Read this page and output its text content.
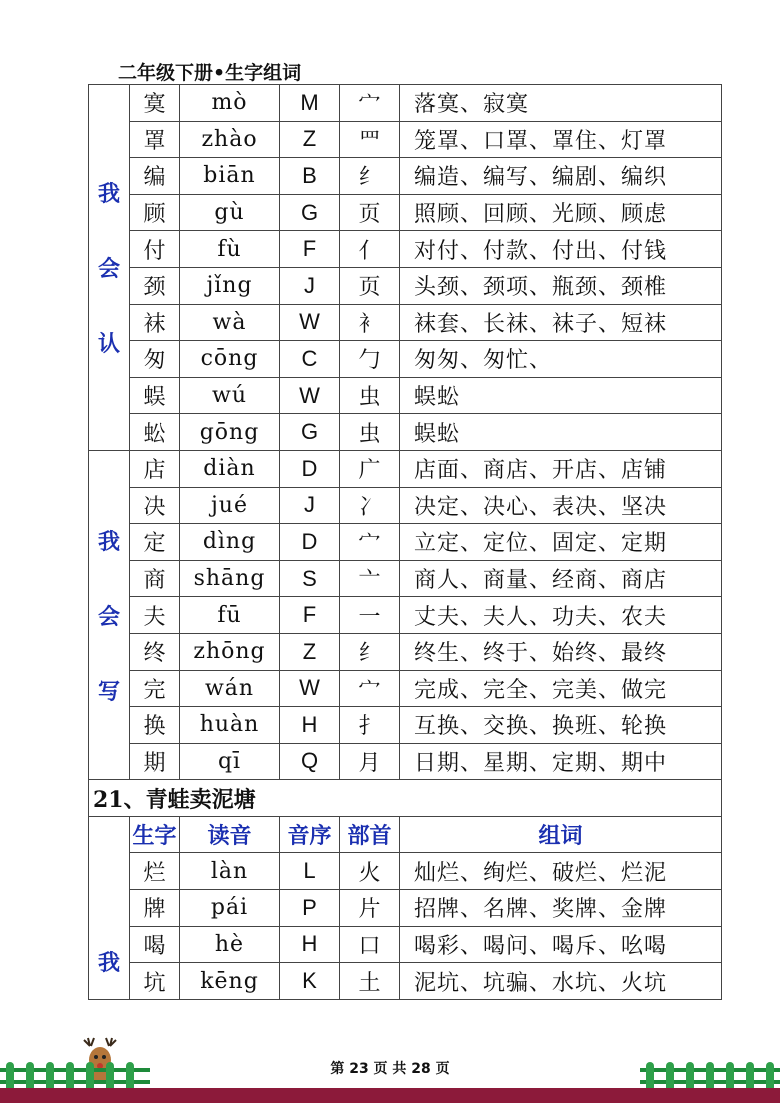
二年级下册•生字组词
我
会
认	寞	mò	M	宀	落寞、寂寞
	罩	zhào	Z	罒	笼罩、口罩、罩住、灯罩
	编	biān	B	纟	编造、编写、编剧、编织
	顾	gù	G	页	照顾、回顾、光顾、顾虑
	付	fù	F	亻	对付、付款、付出、付钱
	颈	jǐng	J	页	头颈、颈项、瓶颈、颈椎
	袜	wà	W	衤	袜套、长袜、袜子、短袜
	匆	cōng	C	勹	匆匆、匆忙、
	蜈	wú	W	虫	蜈蚣
	蚣	gōng	G	虫	蜈蚣

我
会
写	店	diàn	D	广	店面、商店、开店、店铺
	决	jué	J	冫	决定、决心、表决、坚决
	定	dìng	D	宀	立定、定位、固定、定期
	商	shāng	S	亠	商人、商量、经商、商店
	夫	fū	F	一	丈夫、夫人、功夫、农夫
	终	zhōng	Z	纟	终生、终于、始终、最终
	完	wán	W	宀	完成、完全、完美、做完
	换	huàn	H	扌	互换、交换、换班、轮换
	期	qī	Q	月	日期、星期、定期、期中
21、青蛙卖泥塘					

我	生字	读音	音序	部首	组词
	烂	làn	L	火	灿烂、绚烂、破烂、烂泥
	牌	pái	P	片	招牌、名牌、奖牌、金牌
	喝	hè	H	口	喝彩、喝问、喝斥、吆喝
	坑	kēng	K	土	泥坑、坑骗、水坑、火坑
第 23 页 共 28 页
